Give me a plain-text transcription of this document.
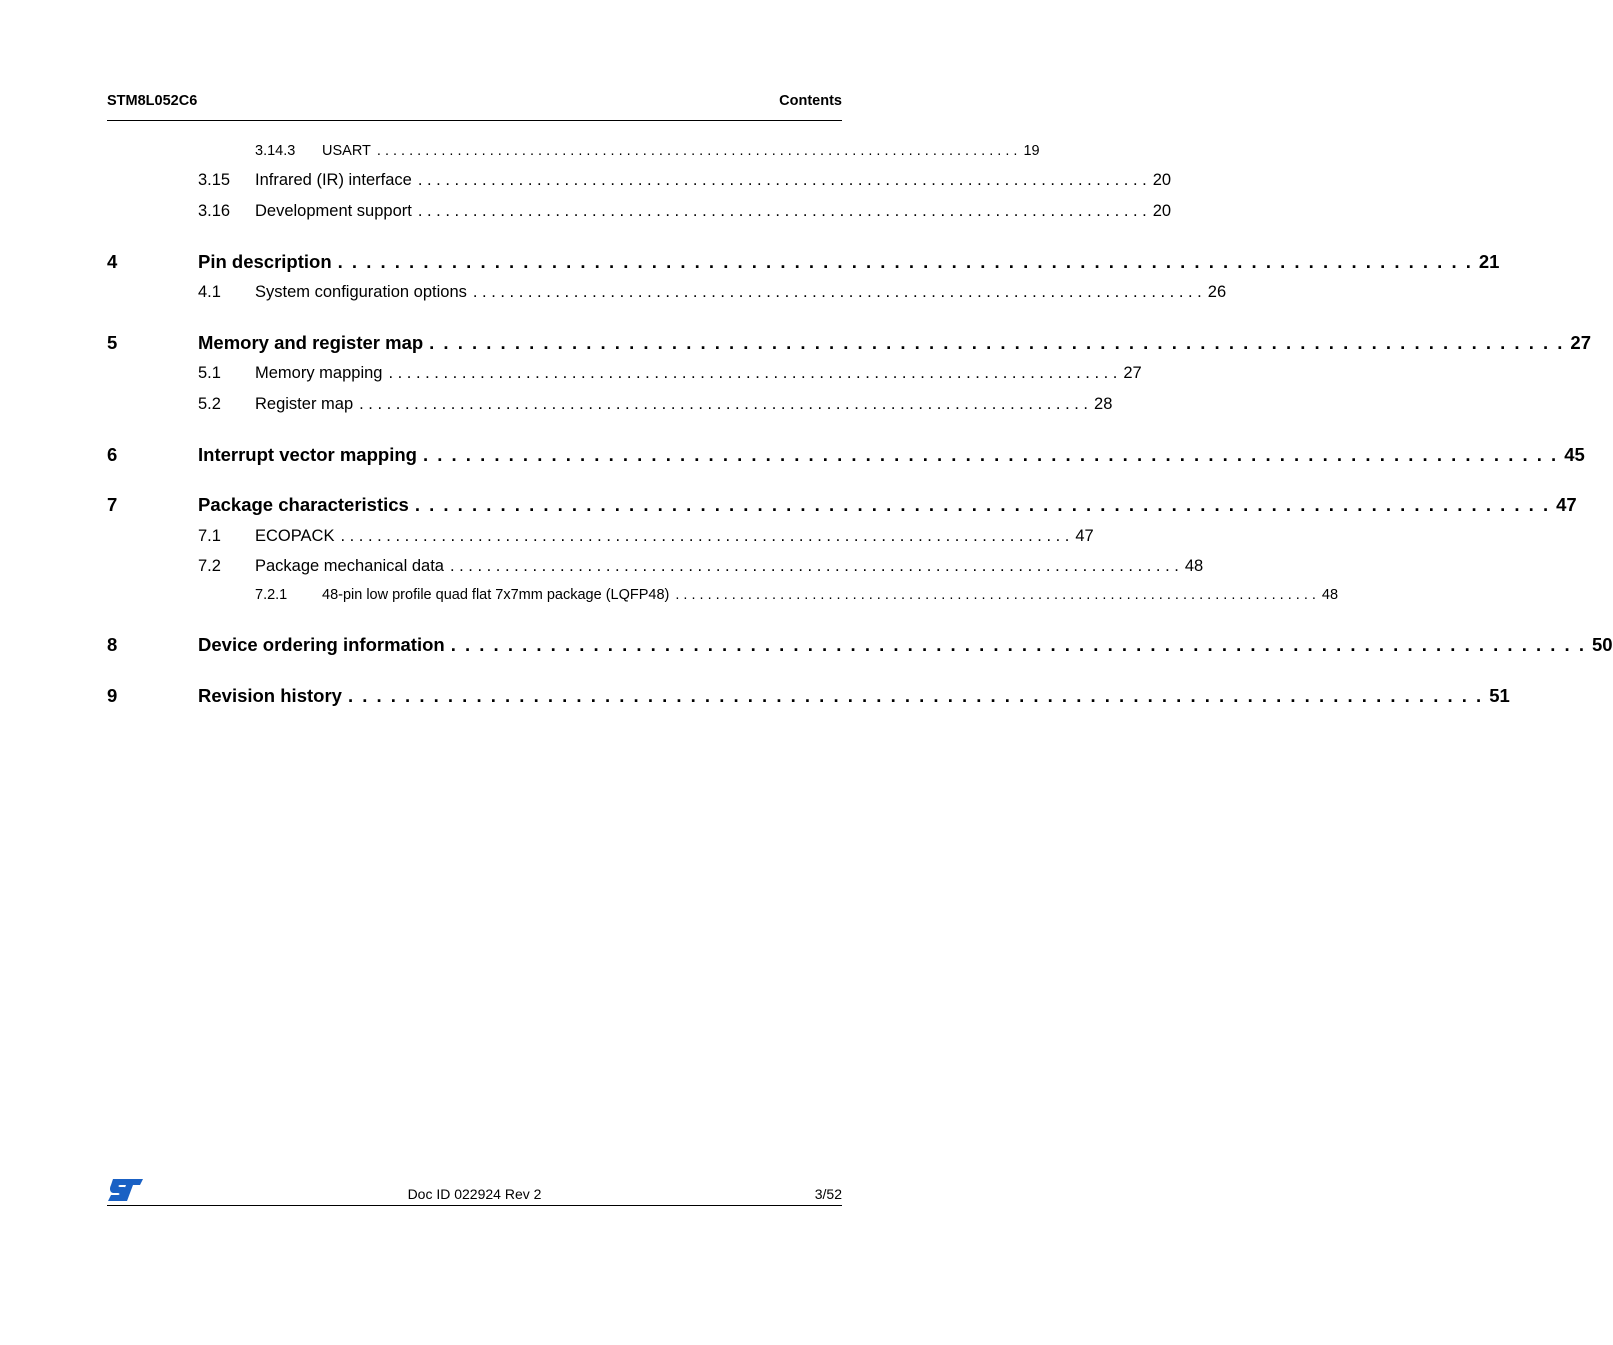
STM8L052C6	Contents
3.14.3 USART . . . . . . . . . . . . . . . . . . . . . . . . . . . . . . . . . . . . . . . . . . . . . . . . . . . . . . . . . . . . . . . . . . . . . . . . . . . . . . . . 19
3.15 Infrared (IR) interface . . . . . . . . . . . . . . . . . . . . . . . . . . . . . . . . . . . . . . . . . . . . . . . . . . . . . . . . . . . . . . . . . . . . . . . . . . . . . . . . 20
3.16 Development support . . . . . . . . . . . . . . . . . . . . . . . . . . . . . . . . . . . . . . . . . . . . . . . . . . . . . . . . . . . . . . . . . . . . . . . . . . . . . . . . 20
4	Pin description . . . . . . . . . . . . . . . . . . . . . . . . . . . . . . . . . . . . . . . . . . . . . . . . . . . . . . . . . . . . . . . . . . . . . . . . . . . . . . . . 21
4.1 System configuration options . . . . . . . . . . . . . . . . . . . . . . . . . . . . . . . . . . . . . . . . . . . . . . . . . . . . . . . . . . . . . . . . . . . . . . . . . . . . . . . . 26
5	Memory and register map . . . . . . . . . . . . . . . . . . . . . . . . . . . . . . . . . . . . . . . . . . . . . . . . . . . . . . . . . . . . . . . . . . . . . . . . . . . . . . . . 27
5.1 Memory mapping . . . . . . . . . . . . . . . . . . . . . . . . . . . . . . . . . . . . . . . . . . . . . . . . . . . . . . . . . . . . . . . . . . . . . . . . . . . . . . . . 27
5.2 Register map . . . . . . . . . . . . . . . . . . . . . . . . . . . . . . . . . . . . . . . . . . . . . . . . . . . . . . . . . . . . . . . . . . . . . . . . . . . . . . . . 28
6	Interrupt vector mapping . . . . . . . . . . . . . . . . . . . . . . . . . . . . . . . . . . . . . . . . . . . . . . . . . . . . . . . . . . . . . . . . . . . . . . . . . . . . . . . . 45
7	Package characteristics . . . . . . . . . . . . . . . . . . . . . . . . . . . . . . . . . . . . . . . . . . . . . . . . . . . . . . . . . . . . . . . . . . . . . . . . . . . . . . . . 47
7.1 ECOPACK . . . . . . . . . . . . . . . . . . . . . . . . . . . . . . . . . . . . . . . . . . . . . . . . . . . . . . . . . . . . . . . . . . . . . . . . . . . . . . . . 47
7.2 Package mechanical data . . . . . . . . . . . . . . . . . . . . . . . . . . . . . . . . . . . . . . . . . . . . . . . . . . . . . . . . . . . . . . . . . . . . . . . . . . . . . . . . 48
7.2.1 48-pin low profile quad flat 7x7mm package (LQFP48) . . . . . . . . . . . . . . . . . . . . . . . . . . . . . . . . . . . . . . . . . . . . . . . . . . . . . . . . . . . . . . . . . . . . . . . . . . . . . . . . 48
8	Device ordering information . . . . . . . . . . . . . . . . . . . . . . . . . . . . . . . . . . . . . . . . . . . . . . . . . . . . . . . . . . . . . . . . . . . . . . . . . . . . . . . . 50
9	Revision history . . . . . . . . . . . . . . . . . . . . . . . . . . . . . . . . . . . . . . . . . . . . . . . . . . . . . . . . . . . . . . . . . . . . . . . . . . . . . . . . 51
Doc ID 022924 Rev 2	3/52
